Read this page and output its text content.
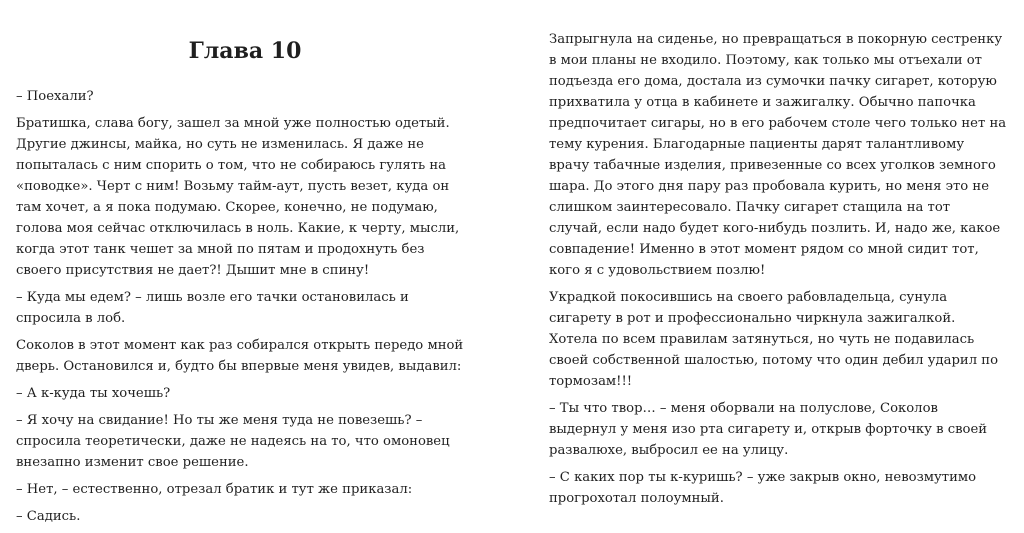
Глава 10

– Поехали?

Братишка, слава богу, зашел за мной уже полностью одетый. Другие джинсы, майка, но суть не изменилась. Я даже не попыталась с ним спорить о том, что не собираюсь гулять на «поводке». Черт с ним! Возьму тайм-аут, пусть везет, куда он там хочет, а я пока подумаю. Скорее, конечно, не подумаю, голова моя сейчас отключилась в ноль. Какие, к черту, мысли, когда этот танк чешет за мной по пятам и продохнуть без своего присутствия не дает?! Дышит мне в спину!

– Куда мы едем? – лишь возле его тачки остановилась и спросила в лоб.

Соколов в этот момент как раз собирался открыть передо мной дверь. Остановился и, будто бы впервые меня увидев, выдавил:

– А к-куда ты хочешь?

– Я хочу на свидание! Но ты же меня туда не повезешь? – спросила теоретически, даже не надеясь на то, что омоновец внезапно изменит свое решение.

– Нет, – естественно, отрезал братик и тут же приказал:

– Садись.

Запрыгнула на сиденье, но превращаться в покорную сестренку в мои планы не входило. Поэтому, как только мы отъехали от подъезда его дома, достала из сумочки пачку сигарет, которую прихватила у отца в кабинете и зажигалку. Обычно папочка предпочитает сигары, но в его рабочем столе чего только нет на тему курения. Благодарные пациенты дарят талантливому врачу табачные изделия, привезенные со всех уголков земного шара. До этого дня пару раз пробовала курить, но меня это не слишком заинтересовало. Пачку сигарет стащила на тот случай, если надо будет кого-нибудь позлить. И, надо же, какое совпадение! Именно в этот момент рядом со мной сидит тот, кого я с удовольствием позлю!

Украдкой покосившись на своего рабовладельца, сунула сигарету в рот и профессионально чиркнула зажигалкой. Хотела по всем правилам затянуться, но чуть не подавилась своей собственной шалостью, потому что один дебил ударил по тормозам!!!

– Ты что твор… – меня оборвали на полуслове, Соколов выдернул у меня изо рта сигарету и, открыв форточку в своей развалюхе, выбросил ее на улицу.

– С каких пор ты к-куришь? – уже закрыв окно, невозмутимо прогрохотал полоумный.
